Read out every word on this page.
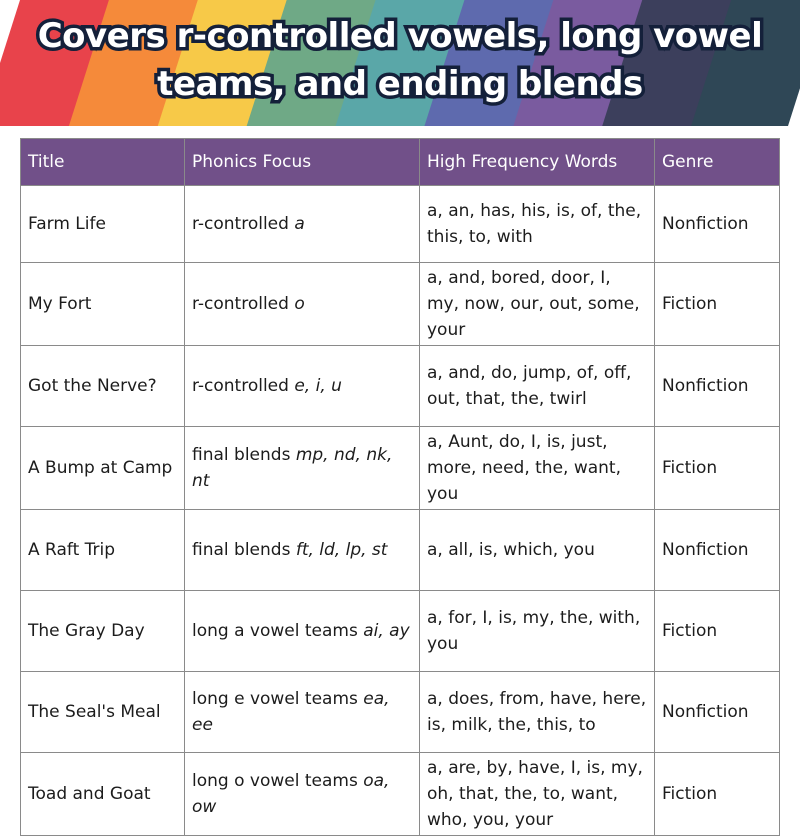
Covers r-controlled vowels, long vowel
teams, and ending blends
Title	Phonics Focus	High Frequency Words	Genre
Farm Life	r-controlled a	a, an, has, his, is, of, the, this, to, with	Nonfiction
My Fort	r-controlled o	a, and, bored, door, I, my, now, our, out, some, your	Fiction
Got the Nerve?	r-controlled e, i, u	a, and, do, jump, of, off, out, that, the, twirl	Nonfiction
A Bump at Camp	final blends mp, nd, nk, nt	a, Aunt, do, I, is, just, more, need, the, want, you	Fiction
A Raft Trip	final blends ft, ld, lp, st	a, all, is, which, you	Nonfiction
The Gray Day	long a vowel teams ai, ay	a, for, I, is, my, the, with, you	Fiction
The Seal's Meal	long e vowel teams ea, ee	a, does, from, have, here, is, milk, the, this, to	Nonfiction
Toad and Goat	long o vowel teams oa, ow	a, are, by, have, I, is, my, oh, that, the, to, want, who, you, your	Fiction
